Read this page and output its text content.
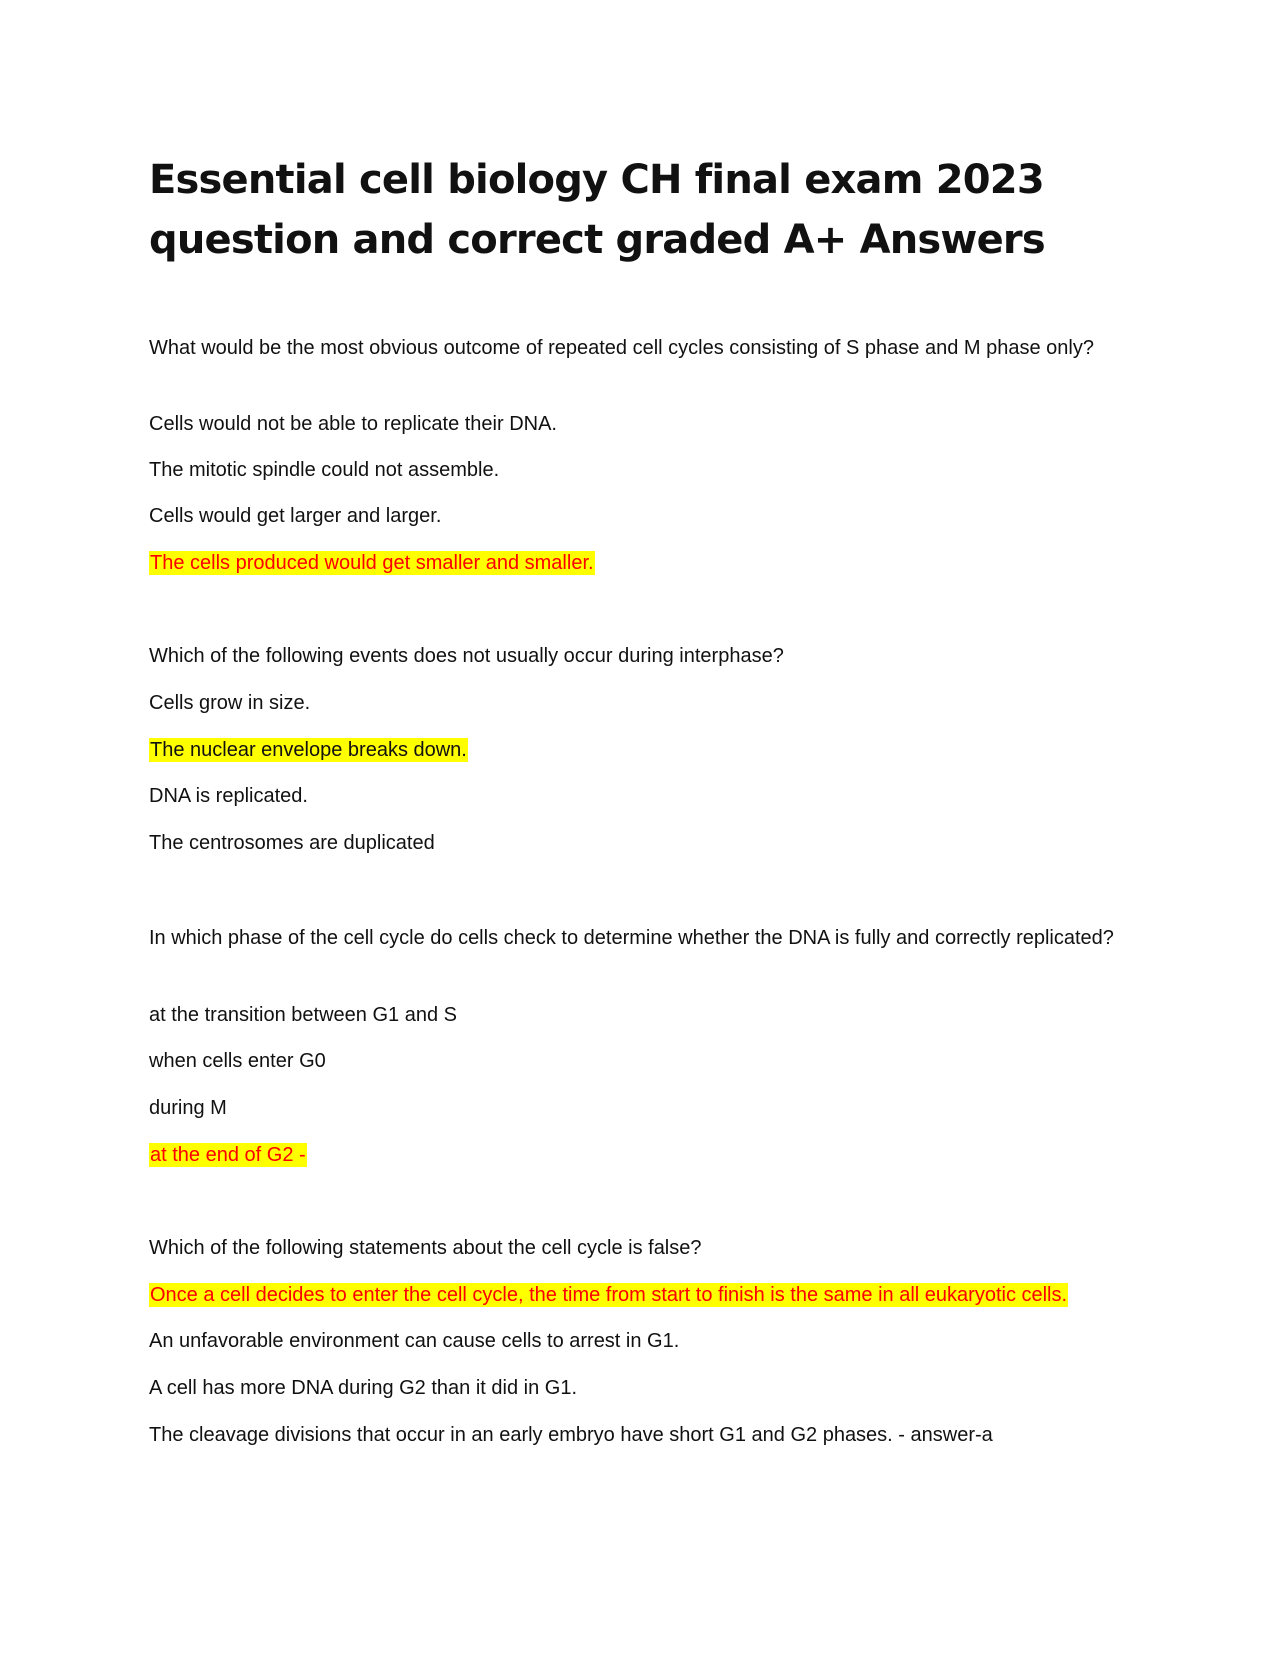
Essential cell biology CH final exam 2023 question and correct graded A+ Answers

What would be the most obvious outcome of repeated cell cycles consisting of S phase and M phase only?

Cells would not be able to replicate their DNA.

The mitotic spindle could not assemble.

Cells would get larger and larger.

The cells produced would get smaller and smaller.

Which of the following events does not usually occur during interphase?

Cells grow in size.

The nuclear envelope breaks down.

DNA is replicated.

The centrosomes are duplicated

In which phase of the cell cycle do cells check to determine whether the DNA is fully and correctly replicated?

at the transition between G1 and S

when cells enter G0

during M

at the end of G2 -

Which of the following statements about the cell cycle is false?

Once a cell decides to enter the cell cycle, the time from start to finish is the same in all eukaryotic cells.

An unfavorable environment can cause cells to arrest in G1.

A cell has more DNA during G2 than it did in G1.

The cleavage divisions that occur in an early embryo have short G1 and G2 phases. - answer-a
